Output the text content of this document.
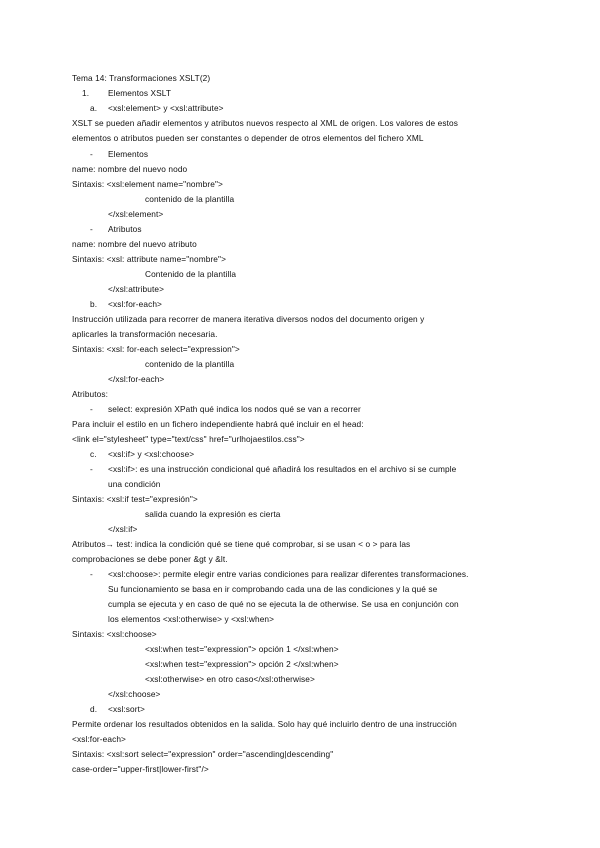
Tema 14: Transformaciones XSLT(2)
1. Elementos XSLT
a. <xsl:element> y <xsl:attribute>
XSLT se pueden añadir elementos y atributos nuevos respecto al XML de origen. Los valores de estos
elementos o atributos pueden ser constantes o depender de otros elementos del fichero XML
- Elementos
name: nombre del nuevo nodo
Sintaxis: <xsl:element name="nombre">
contenido de la plantilla
</xsl:element>
- Atributos
name: nombre del nuevo atributo
Sintaxis: <xsl: attribute name="nombre">
Contenido de la plantilla
</xsl:attribute>
b. <xsl:for-each>
Instrucción utilizada para recorrer de manera iterativa diversos nodos del documento origen y
aplicarles la transformación necesaria.
Sintaxis: <xsl: for-each select="expression">
contenido de la plantilla
</xsl:for-each>
Atributos:
- select: expresión XPath qué indica los nodos qué se van a recorrer
Para incluir el estilo en un fichero independiente habrá qué incluir en el head:
<link el="stylesheet" type="text/css" href="urlhojaestilos.css">
c. <xsl:if> y <xsl:choose>
- <xsl:if>: es una instrucción condicional qué añadirá los resultados en el archivo si se cumple
una condición
Sintaxis: <xsl:if test="expresión">
salida cuando la expresión es cierta
</xsl:if>
Atributos→ test: indica la condición qué se tiene qué comprobar, si se usan < o > para las
comprobaciones se debe poner &gt y &lt.
- <xsl:choose>: permite elegir entre varias condiciones para realizar diferentes transformaciones.
Su funcionamiento se basa en ir comprobando cada una de las condiciones y la qué se
cumpla se ejecuta y en caso de qué no se ejecuta la de otherwise. Se usa en conjunción con
los elementos <xsl:otherwise> y <xsl:when>
Sintaxis: <xsl:choose>
<xsl:when test="expression"> opción 1 </xsl:when>
<xsl:when test="expression"> opción 2 </xsl:when>
<xsl:otherwise> en otro caso</xsl:otherwise>
</xsl:choose>
d. <xsl:sort>
Permite ordenar los resultados obtenidos en la salida. Solo hay qué incluirlo dentro de una instrucción
<xsl:for-each>
Sintaxis: <xsl:sort select="expression" order="ascending|descending"
case-order="upper-first|lower-first"/>
